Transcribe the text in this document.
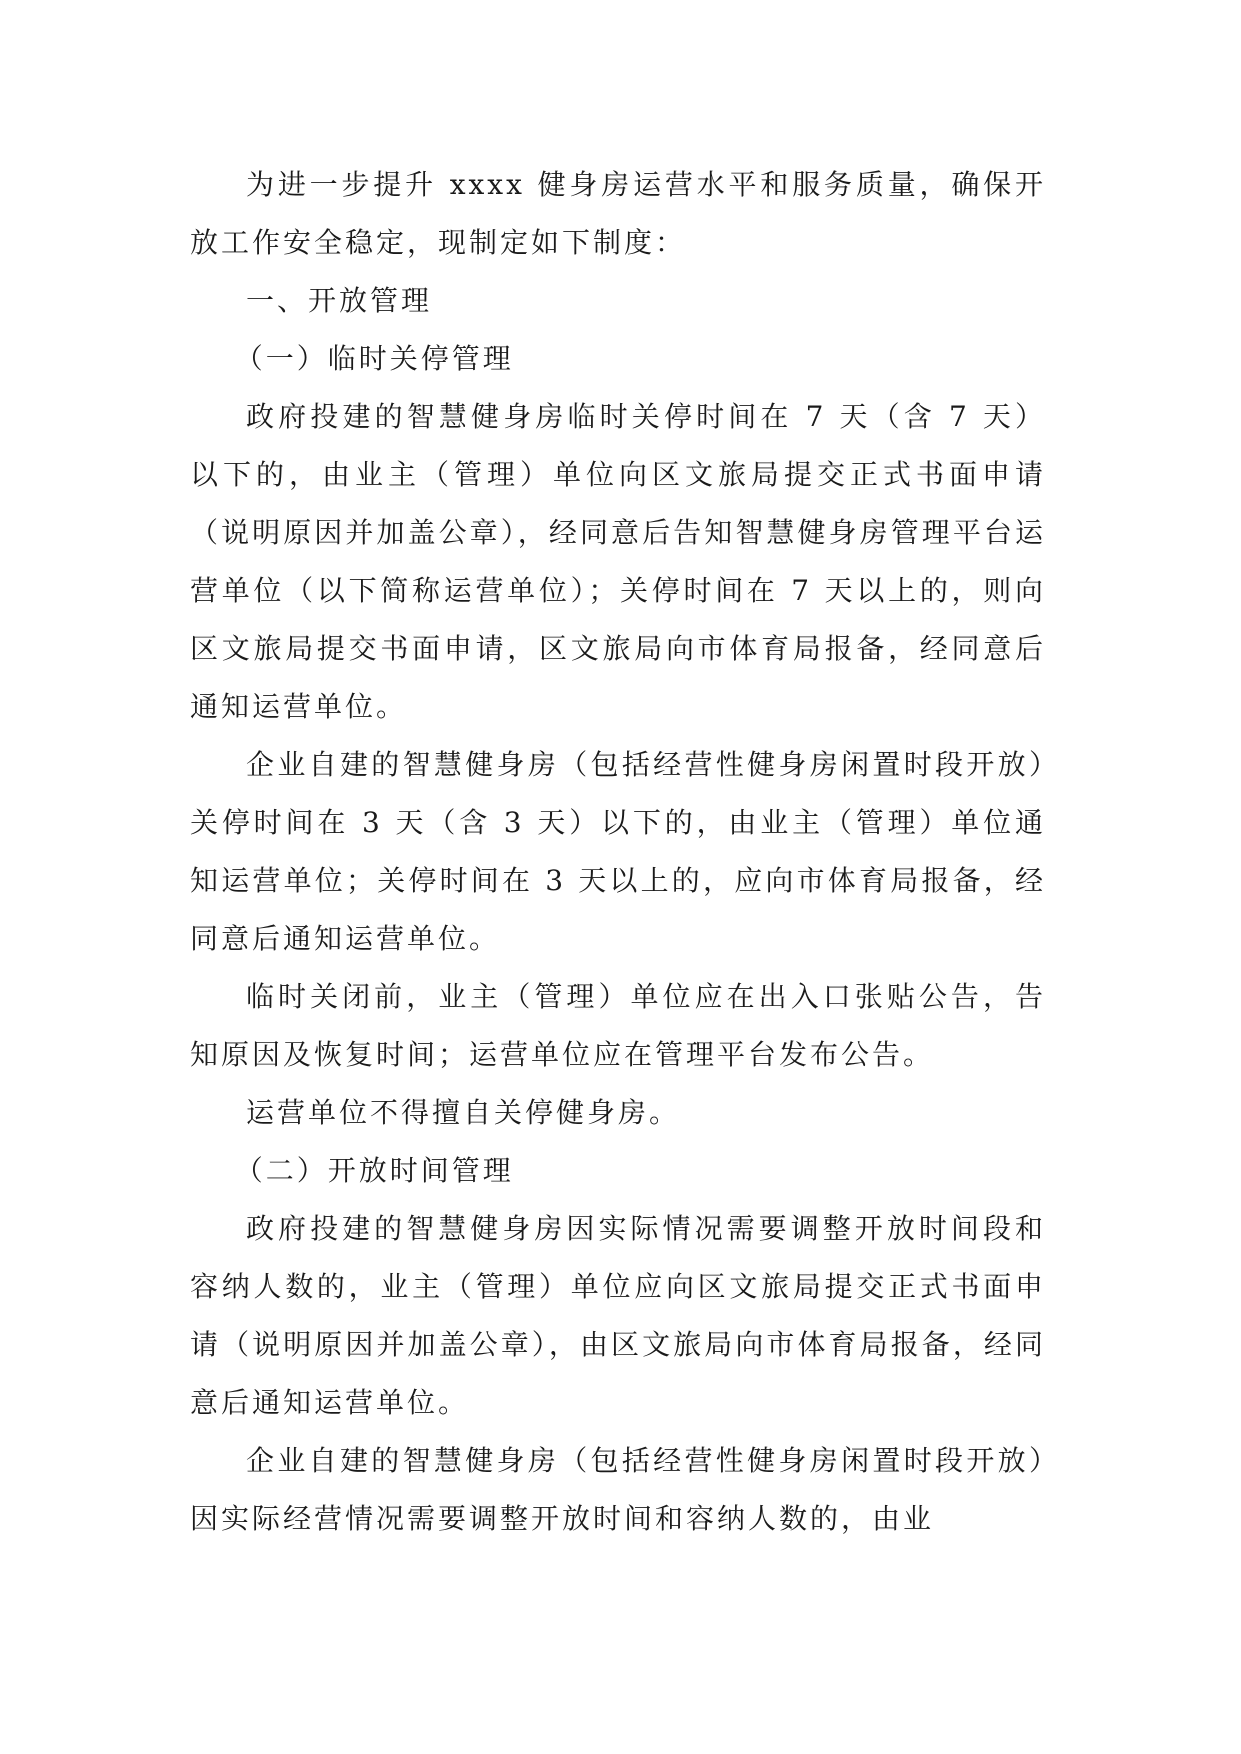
为进一步提升 xxxx 健身房运营水平和服务质量，确保开放工作安全稳定，现制定如下制度：

一、开放管理

（一）临时关停管理

政府投建的智慧健身房临时关停时间在 7 天（含 7 天）以下的，由业主（管理）单位向区文旅局提交正式书面申请（说明原因并加盖公章），经同意后告知智慧健身房管理平台运营单位（以下简称运营单位）；关停时间在 7 天以上的，则向区文旅局提交书面申请，区文旅局向市体育局报备，经同意后通知运营单位。

企业自建的智慧健身房（包括经营性健身房闲置时段开放）关停时间在 3 天（含 3 天）以下的，由业主（管理）单位通知运营单位；关停时间在 3 天以上的，应向市体育局报备，经同意后通知运营单位。

临时关闭前，业主（管理）单位应在出入口张贴公告，告知原因及恢复时间；运营单位应在管理平台发布公告。

运营单位不得擅自关停健身房。

（二）开放时间管理

政府投建的智慧健身房因实际情况需要调整开放时间段和容纳人数的，业主（管理）单位应向区文旅局提交正式书面申请（说明原因并加盖公章），由区文旅局向市体育局报备，经同意后通知运营单位。

企业自建的智慧健身房（包括经营性健身房闲置时段开放）因实际经营情况需要调整开放时间和容纳人数的，由业
